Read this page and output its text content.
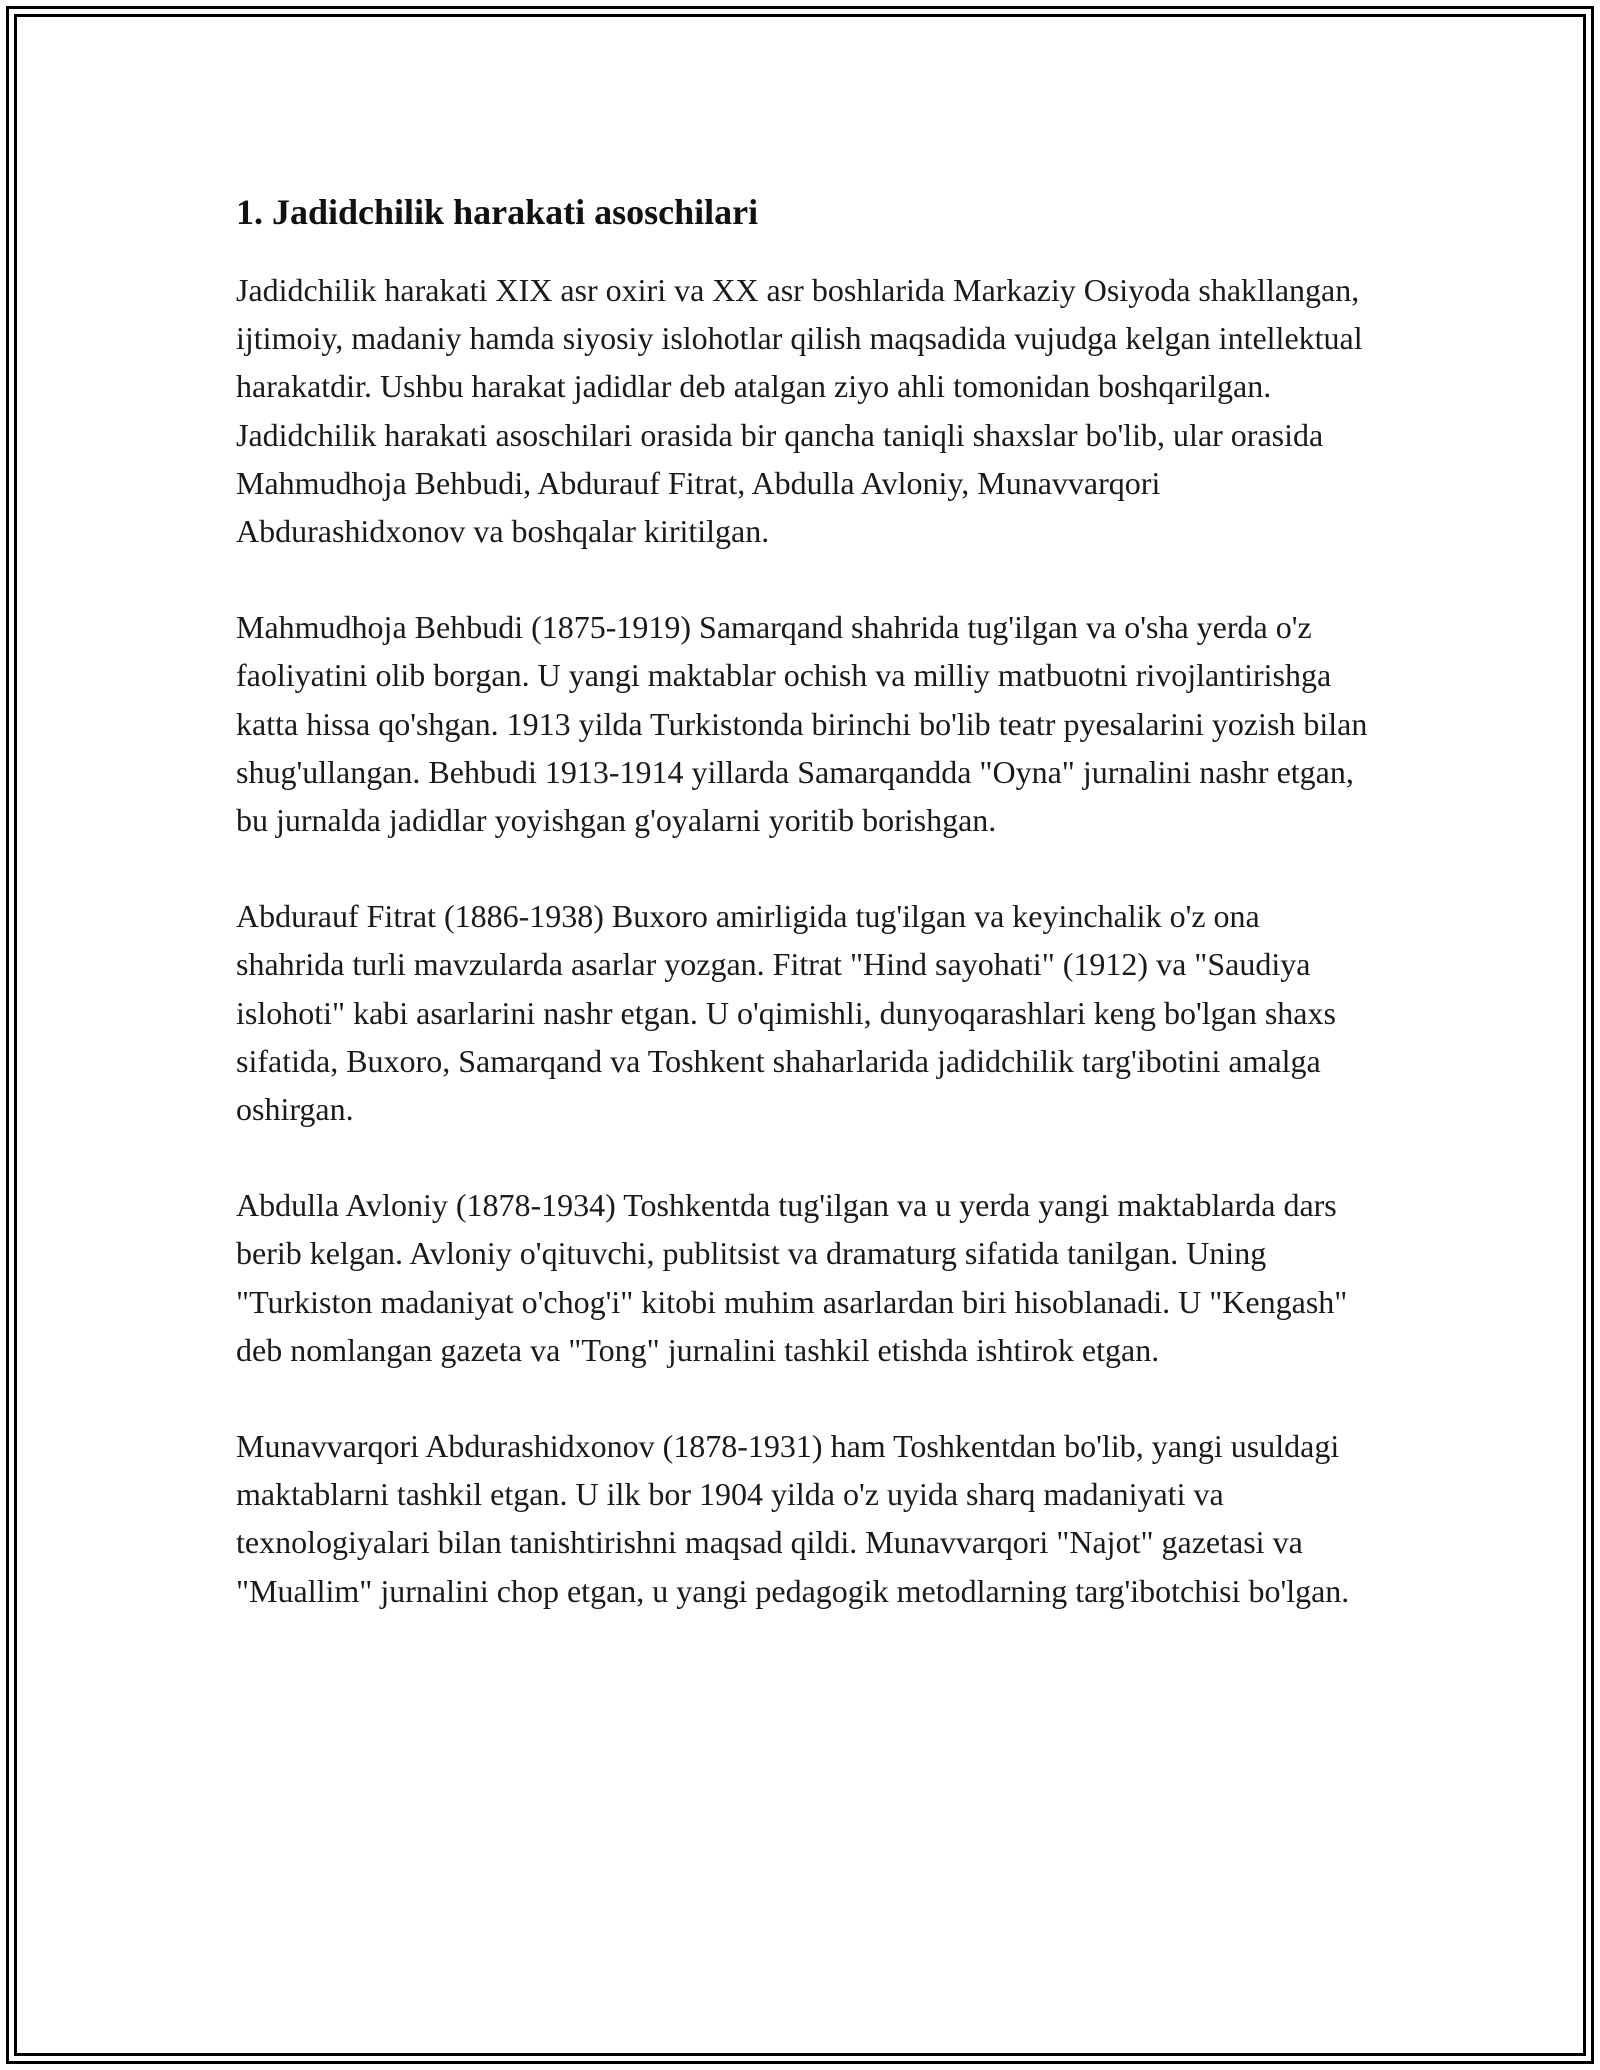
1. Jadidchilik harakati asoschilari

Jadidchilik harakati XIX asr oxiri va XX asr boshlarida Markaziy Osiyoda shakllangan, ijtimoiy, madaniy hamda siyosiy islohotlar qilish maqsadida vujudga kelgan intellektual harakatdir. Ushbu harakat jadidlar deb atalgan ziyo ahli tomonidan boshqarilgan. Jadidchilik harakati asoschilari orasida bir qancha taniqli shaxslar bo'lib, ular orasida Mahmudhoja Behbudi, Abdurauf Fitrat, Abdulla Avloniy, Munavvarqori Abdurashidxonov va boshqalar kiritilgan.

Mahmudhoja Behbudi (1875-1919) Samarqand shahrida tug'ilgan va o'sha yerda o'z faoliyatini olib borgan. U yangi maktablar ochish va milliy matbuotni rivojlantirishga katta hissa qo'shgan. 1913 yilda Turkistonda birinchi bo'lib teatr pyesalarini yozish bilan shug'ullangan. Behbudi 1913-1914 yillarda Samarqandda "Oyna" jurnalini nashr etgan, bu jurnalda jadidlar yoyishgan g'oyalarni yoritib borishgan.

Abdurauf Fitrat (1886-1938) Buxoro amirligida tug'ilgan va keyinchalik o'z ona shahrida turli mavzularda asarlar yozgan. Fitrat "Hind sayohati" (1912) va "Saudiya islohoti" kabi asarlarini nashr etgan. U o'qimishli, dunyoqarashlari keng bo'lgan shaxs sifatida, Buxoro, Samarqand va Toshkent shaharlarida jadidchilik targ'ibotini amalga oshirgan.

Abdulla Avloniy (1878-1934) Toshkentda tug'ilgan va u yerda yangi maktablarda dars berib kelgan. Avloniy o'qituvchi, publitsist va dramaturg sifatida tanilgan. Uning "Turkiston madaniyat o'chog'i" kitobi muhim asarlardan biri hisoblanadi. U "Kengash" deb nomlangan gazeta va "Tong" jurnalini tashkil etishda ishtirok etgan.

Munavvarqori Abdurashidxonov (1878-1931) ham Toshkentdan bo'lib, yangi usuldagi maktablarni tashkil etgan. U ilk bor 1904 yilda o'z uyida sharq madaniyati va texnologiyalari bilan tanishtirishni maqsad qildi. Munavvarqori "Najot" gazetasi va "Muallim" jurnalini chop etgan, u yangi pedagogik metodlarning targ'ibotchisi bo'lgan.
